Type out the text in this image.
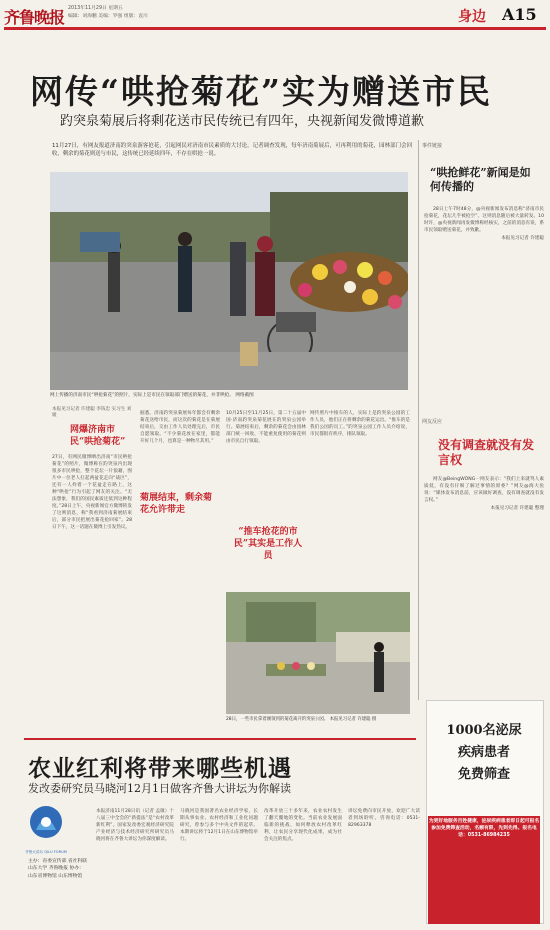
齐鲁晚报 2013年11月29日 星期五
编辑：刘海鹏 美编：罗强 组版：袁川	身边 A15
网传“哄抢菊花”实为赠送市民
趵突泉菊展后将剩花送市民传统已有四年，央视新闻发微博道歉
11月27日，有网友报道济南趵突泉游客抢花，引起网民对济南市民素质的大讨论。记者调查发现，每年济南菊展后，可再利用的菊花，园林部门会回收，剩余的菊花则送与市民，这传统已经延续四年，不存在哄抢一说。
网上传播的济南市民“哄抢菊花”的照片，实际上是市民在领取部门赠送的菊花，并非哄抢。 网络截图
本报见习记者 许建聪 李钱忠 实习生 刘媛
网爆济南市民“哄抢菊花”
27日，有网民微博晒出济南“市民哄抢菊花”的照片，微博称在趵突泉内出现很多市民哄抢，整个花坛一片狼藉，图片中一位老人扛起两盆花走向“战区”，还有一人拎着一个花盆走在路上，这种“哄抢”行为引起了网友的关注。“无法想象，我们的国民素质还低到这种程度。”28日上午，央视新闻官方微博转发了这则消息，称“我看到济南菊展结束后，部分市民把展出菊花抢回家”。28日下午，这一话题在微博上引发热议。
据悉，济南趵突泉菊展每年都会有剩余菊花送给市民，而这次的菊花是在菊展结束后，交由工作人员处理完后，市民自愿领取。“不少菊花放在家里，都能开好几个月，也算是一种物尽其用。”
菊展结束，剩余菊花允许带走
10月25日至11月25日，第二十五届中国·济南趵突泉菊花展在趵突泉公园举行。菊展结束后，剩余的菊花会由园林部门统一回收，不能重复使用的菊花则由市民自行领取。
“推车抢花的市民”其实是工作人员
网传照片中推车的人，实际上是趵突泉公园的工作人员，他们正在将剩余的菊花运出。“推车的是我们公园的员工。”趵突泉公园工作人员介绍说，市民都很有秩序，排队领取。
28日，一些市民拿着刚领到的菊花离开趵突泉公园。 本报见习记者 许建聪 摄
事件链接
“哄抢鲜花”新闻是如何传播的

28日上午7时48分，@央视新闻发布消息称“济南市民抢菊花，花坛几乎被抢空”。这则消息随后被大量转发。10时许，@央视新闻再发微博称经核实，之前的消息有误，系市民领取赠送菊花，并致歉。

本报见习记者 许建聪

网友反应
没有调查就没有发言权

网友@BeingWONG一网友表示：“我们上来就骂人素质低，有没有仔细了解过事情的原委？”网友@海大鱼说：“媒体发布消息前，应该做好调查，没有调查就没有发言权。”

本报见习记者 许建聪 整理

1000名泌尿
疾病患者
免费筛查
为更好地服务百姓健康，泌尿疾病患者即日起可报名参加免费筛查活动，名额有限，先到先得。报名电话：0531-86984235
农业红利将带来哪些机遇
发改委研究员马晓河12月1日做客齐鲁大讲坛为你解读
齐鲁大讲坛 QILU FORUM
主办：省委宣传部 省社科联 山东大学 齐鲁晚报 协办：山东省博物馆 山东博物馆
本报济南11月28日讯（记者 孟敏）十八届三中全会的“新提法”是“农村改革新红利”。国家发改委宏观经济研究院产业经济与技术经济研究所研究员马晓河将在齐鲁大讲坛为你深度解读。
马晓河是我国著名农业经济学家，长期从事农业、农村经济和工业化问题研究，曾参与多个中央文件的起草。本期讲坛将于12月1日在山东博物馆举行。
改革开放三十多年来，农业农村发生了翻天覆地的变化。当前农业发展面临新的挑战，如何释放农村改革红利，让农民分享现代化成果，成为社会关注的焦点。
讲坛免费向市民开放，欢迎广大读者到场聆听。咨询电话：0531-82963378
